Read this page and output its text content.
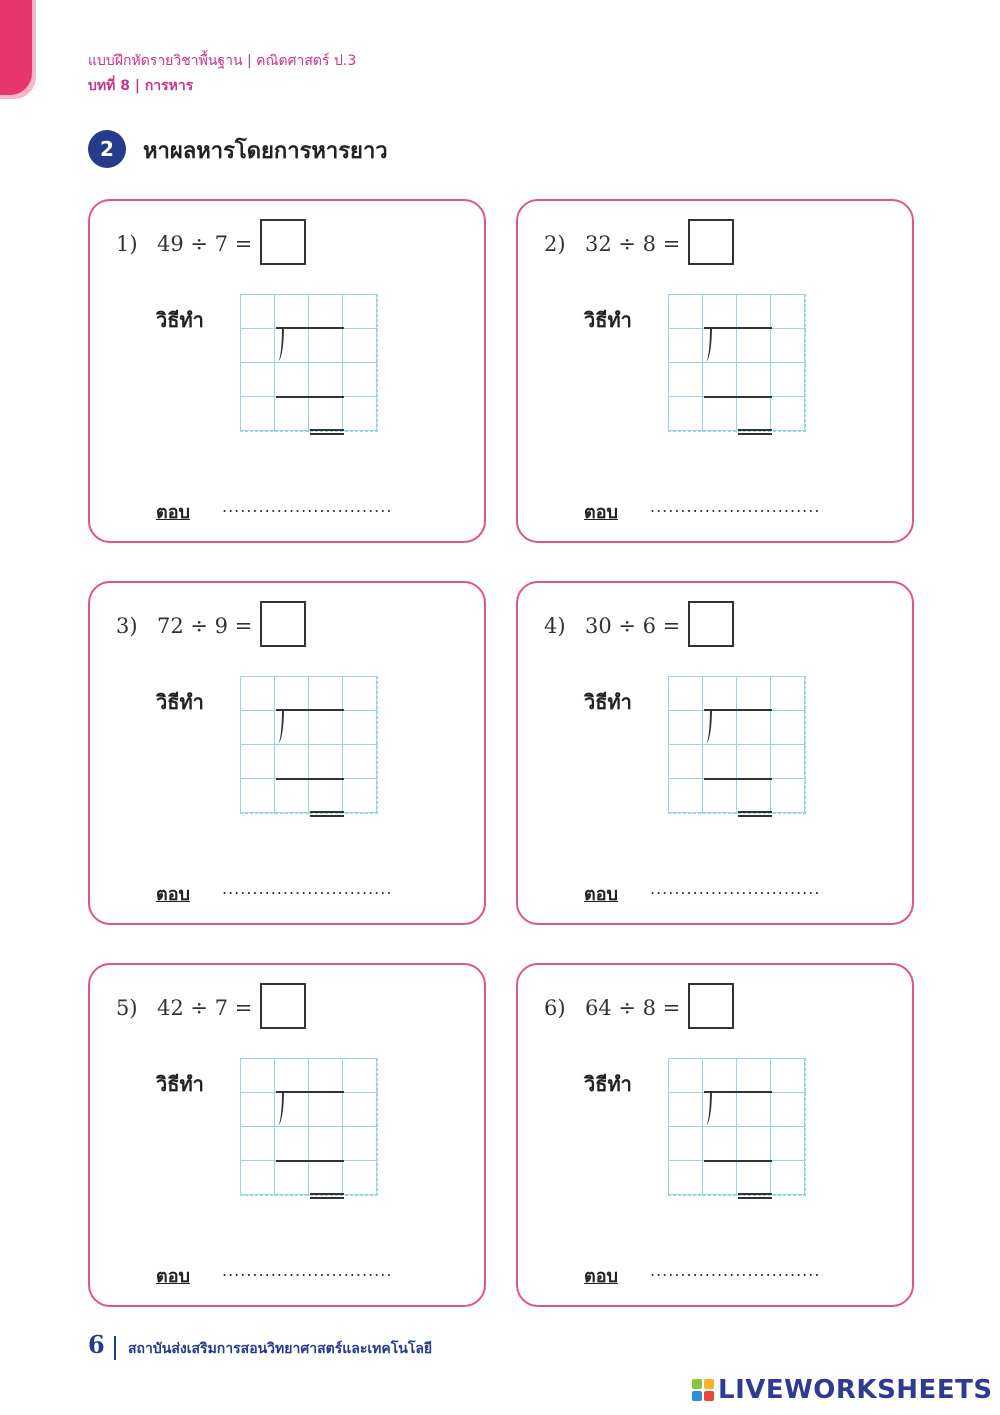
แบบฝึกหัดรายวิชาพื้นฐาน | คณิตศาสตร์ ป.3
บทที่ 8 | การหาร
2	หาผลหารโดยการหารยาว
1) 49 ÷ 7 =
วิธีทำ
ตอบ ............................
2) 32 ÷ 8 =
วิธีทำ
ตอบ ............................
3) 72 ÷ 9 =
วิธีทำ
ตอบ ............................
4) 30 ÷ 6 =
วิธีทำ
ตอบ ............................
5) 42 ÷ 7 =
วิธีทำ
ตอบ ............................
6) 64 ÷ 8 =
วิธีทำ
ตอบ ............................
6 สถาบันส่งเสริมการสอนวิทยาศาสตร์และเทคโนโลยี
LIVEWORKSHEETS
